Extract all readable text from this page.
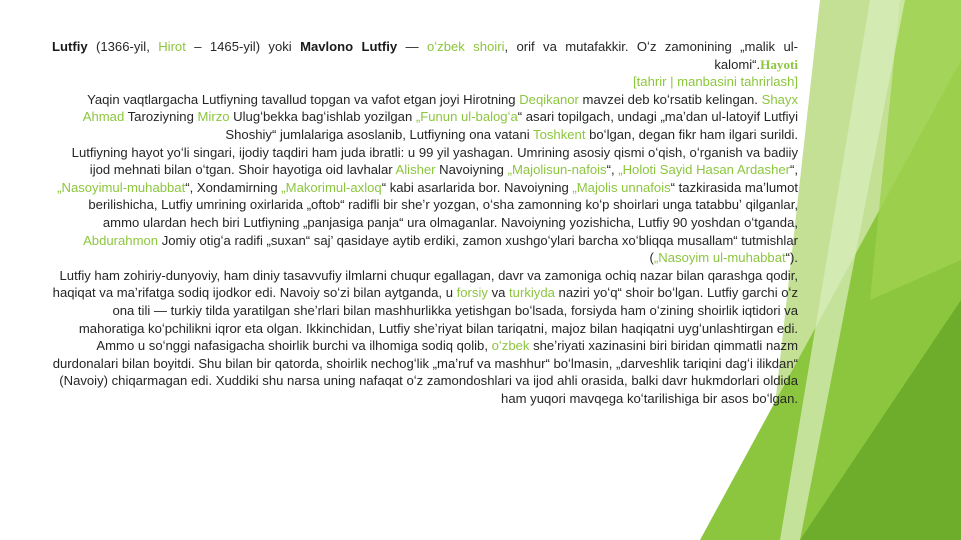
Lutfiy (1366-yil, Hirot – 1465-yil) yoki Mavlono Lutfiy — oʻzbek shoiri, orif va mutafakkir. Oʻz zamonining „malik ul-kalomi“.Hayoti
[tahrir | manbasini tahrirlash]

Yaqin vaqtlargacha Lutfiyning tavallud topgan va vafot etgan joyi Hirotning Deqikanor mavzei deb koʻrsatib kelingan. Shayx Ahmad Taroziyning Mirzo Ulugʻbekka bagʻishlab yozilgan „Funun ul-balogʻa“ asari topilgach, undagi „maʼdan ul-latoyif Lutfiyi Shoshiy“ jumlalariga asoslanib, Lutfiyning ona vatani Toshkent boʻlgan, degan fikr ham ilgari surildi.

Lutfiyning hayot yoʻli singari, ijodiy taqdiri ham juda ibratli: u 99 yil yashagan. Umrining asosiy qismi oʻqish, oʻrganish va badiiy ijod mehnati bilan oʻtgan. Shoir hayotiga oid lavhalar Alisher Navoiyning „Majolisun-nafois“, „Holoti Sayid Hasan Ardasher“, „Nasoyimul-muhabbat“, Xondamirning „Makorimul-axloq“ kabi asarlarida bor. Navoiyning „Majolis unnafois“ tazkirasida maʼlumot berilishicha, Lutfiy umrining oxirlarida „oftob“ radifli bir sheʼr yozgan, oʻsha zamonning koʻp shoirlari unga tatabbuʼ qilganlar, ammo ulardan hech biri Lutfiyning „panjasiga panja“ ura olmaganlar. Navoiyning yozishicha, Lutfiy 90 yoshdan oʻtganda, Abdurahmon Jomiy otigʻa radifi „suxan“ saj’ qasidaye aytib erdiki, zamon xushgoʻylari barcha xoʻbliqqa musallam“ tutmishlar („Nasoyim ul-muhabbat“).

Lutfiy ham zohiriy-dunyoviy, ham diniy tasavvufiy ilmlarni chuqur egallagan, davr va zamoniga ochiq nazar bilan qarashga qodir, haqiqat va maʼrifatga sodiq ijodkor edi. Navoiy soʻzi bilan aytganda, u forsiy va turkiyda naziri yoʻq“ shoir boʻlgan. Lutfiy garchi oʻz ona tili — turkiy tilda yaratilgan sheʼrlari bilan mashhurlikka yetishgan boʻlsada, forsiyda ham oʻzining shoirlik iqtidori va mahoratiga koʻpchilikni iqror eta olgan. Ikkinchidan, Lutfiy sheʼriyat bilan tariqatni, majoz bilan haqiqatni uygʻunlashtirgan edi. Ammo u soʻnggi nafasigacha shoirlik burchi va ilhomiga sodiq qolib, oʻzbek sheʼriyati xazinasini biri biridan qimmatli nazm durdonalari bilan boyitdi. Shu bilan bir qatorda, shoirlik nechogʻlik „maʼruf va mashhur“ boʻlmasin, „darveshlik tariqini dagʻi ilikdan“ (Navoiy) chiqarmagan edi. Xuddiki shu narsa uning nafaqat oʻz zamondoshlari va ijod ahli orasida, balki davr hukmdorlari oldida ham yuqori mavqega koʻtarilishiga bir asos boʻlgan.
